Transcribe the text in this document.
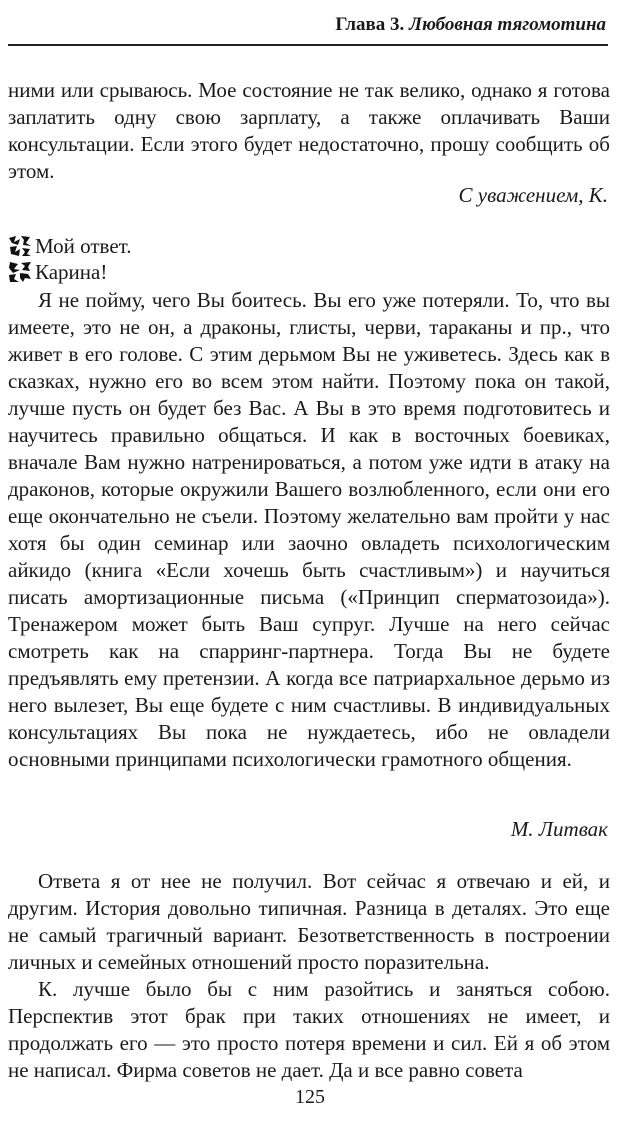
Глава 3. Любовная тягомотина

ними или срываюсь. Мое состояние не так велико, однако я готова заплатить одну свою зарплату, а также оплачивать Ваши консультации. Если этого будет недостаточно, прошу сообщить об этом.

С уважением, К.
Мой ответ.
Карина!

Я не пойму, чего Вы боитесь. Вы его уже потеряли. То, что вы имеете, это не он, а драконы, глисты, черви, тараканы и пр., что живет в его голове. С этим дерьмом Вы не уживетесь. Здесь как в сказках, нужно его во всем этом найти. Поэтому пока он такой, лучше пусть он будет без Вас. А Вы в это время подготовитесь и научитесь правильно общаться. И как в восточных боевиках, вначале Вам нужно натренироваться, а потом уже идти в атаку на драконов, которые окружили Вашего возлюбленного, если они его еще окончательно не съели. Поэтому желательно вам пройти у нас хотя бы один семинар или заочно овладеть психологическим айкидо (книга «Если хочешь быть счастливым») и научиться писать амортизационные письма («Принцип сперматозоида»). Тренажером может быть Ваш супруг. Лучше на него сейчас смотреть как на спарринг-партнера. Тогда Вы не будете предъявлять ему претензии. А когда все патриархальное дерьмо из него вылезет, Вы еще будете с ним счастливы. В индивидуальных консультациях Вы пока не нуждаетесь, ибо не овладели основными принципами психологически грамотного общения.

М. Литвак

Ответа я от нее не получил. Вот сейчас я отвечаю и ей, и другим. История довольно типичная. Разница в деталях. Это еще не самый трагичный вариант. Безответственность в построении личных и семейных отношений просто поразительна.

К. лучше было бы с ним разойтись и заняться собою. Перспектив этот брак при таких отношениях не имеет, и продолжать его — это просто потеря времени и сил. Ей я об этом не написал. Фирма советов не дает. Да и все равно совета

125
